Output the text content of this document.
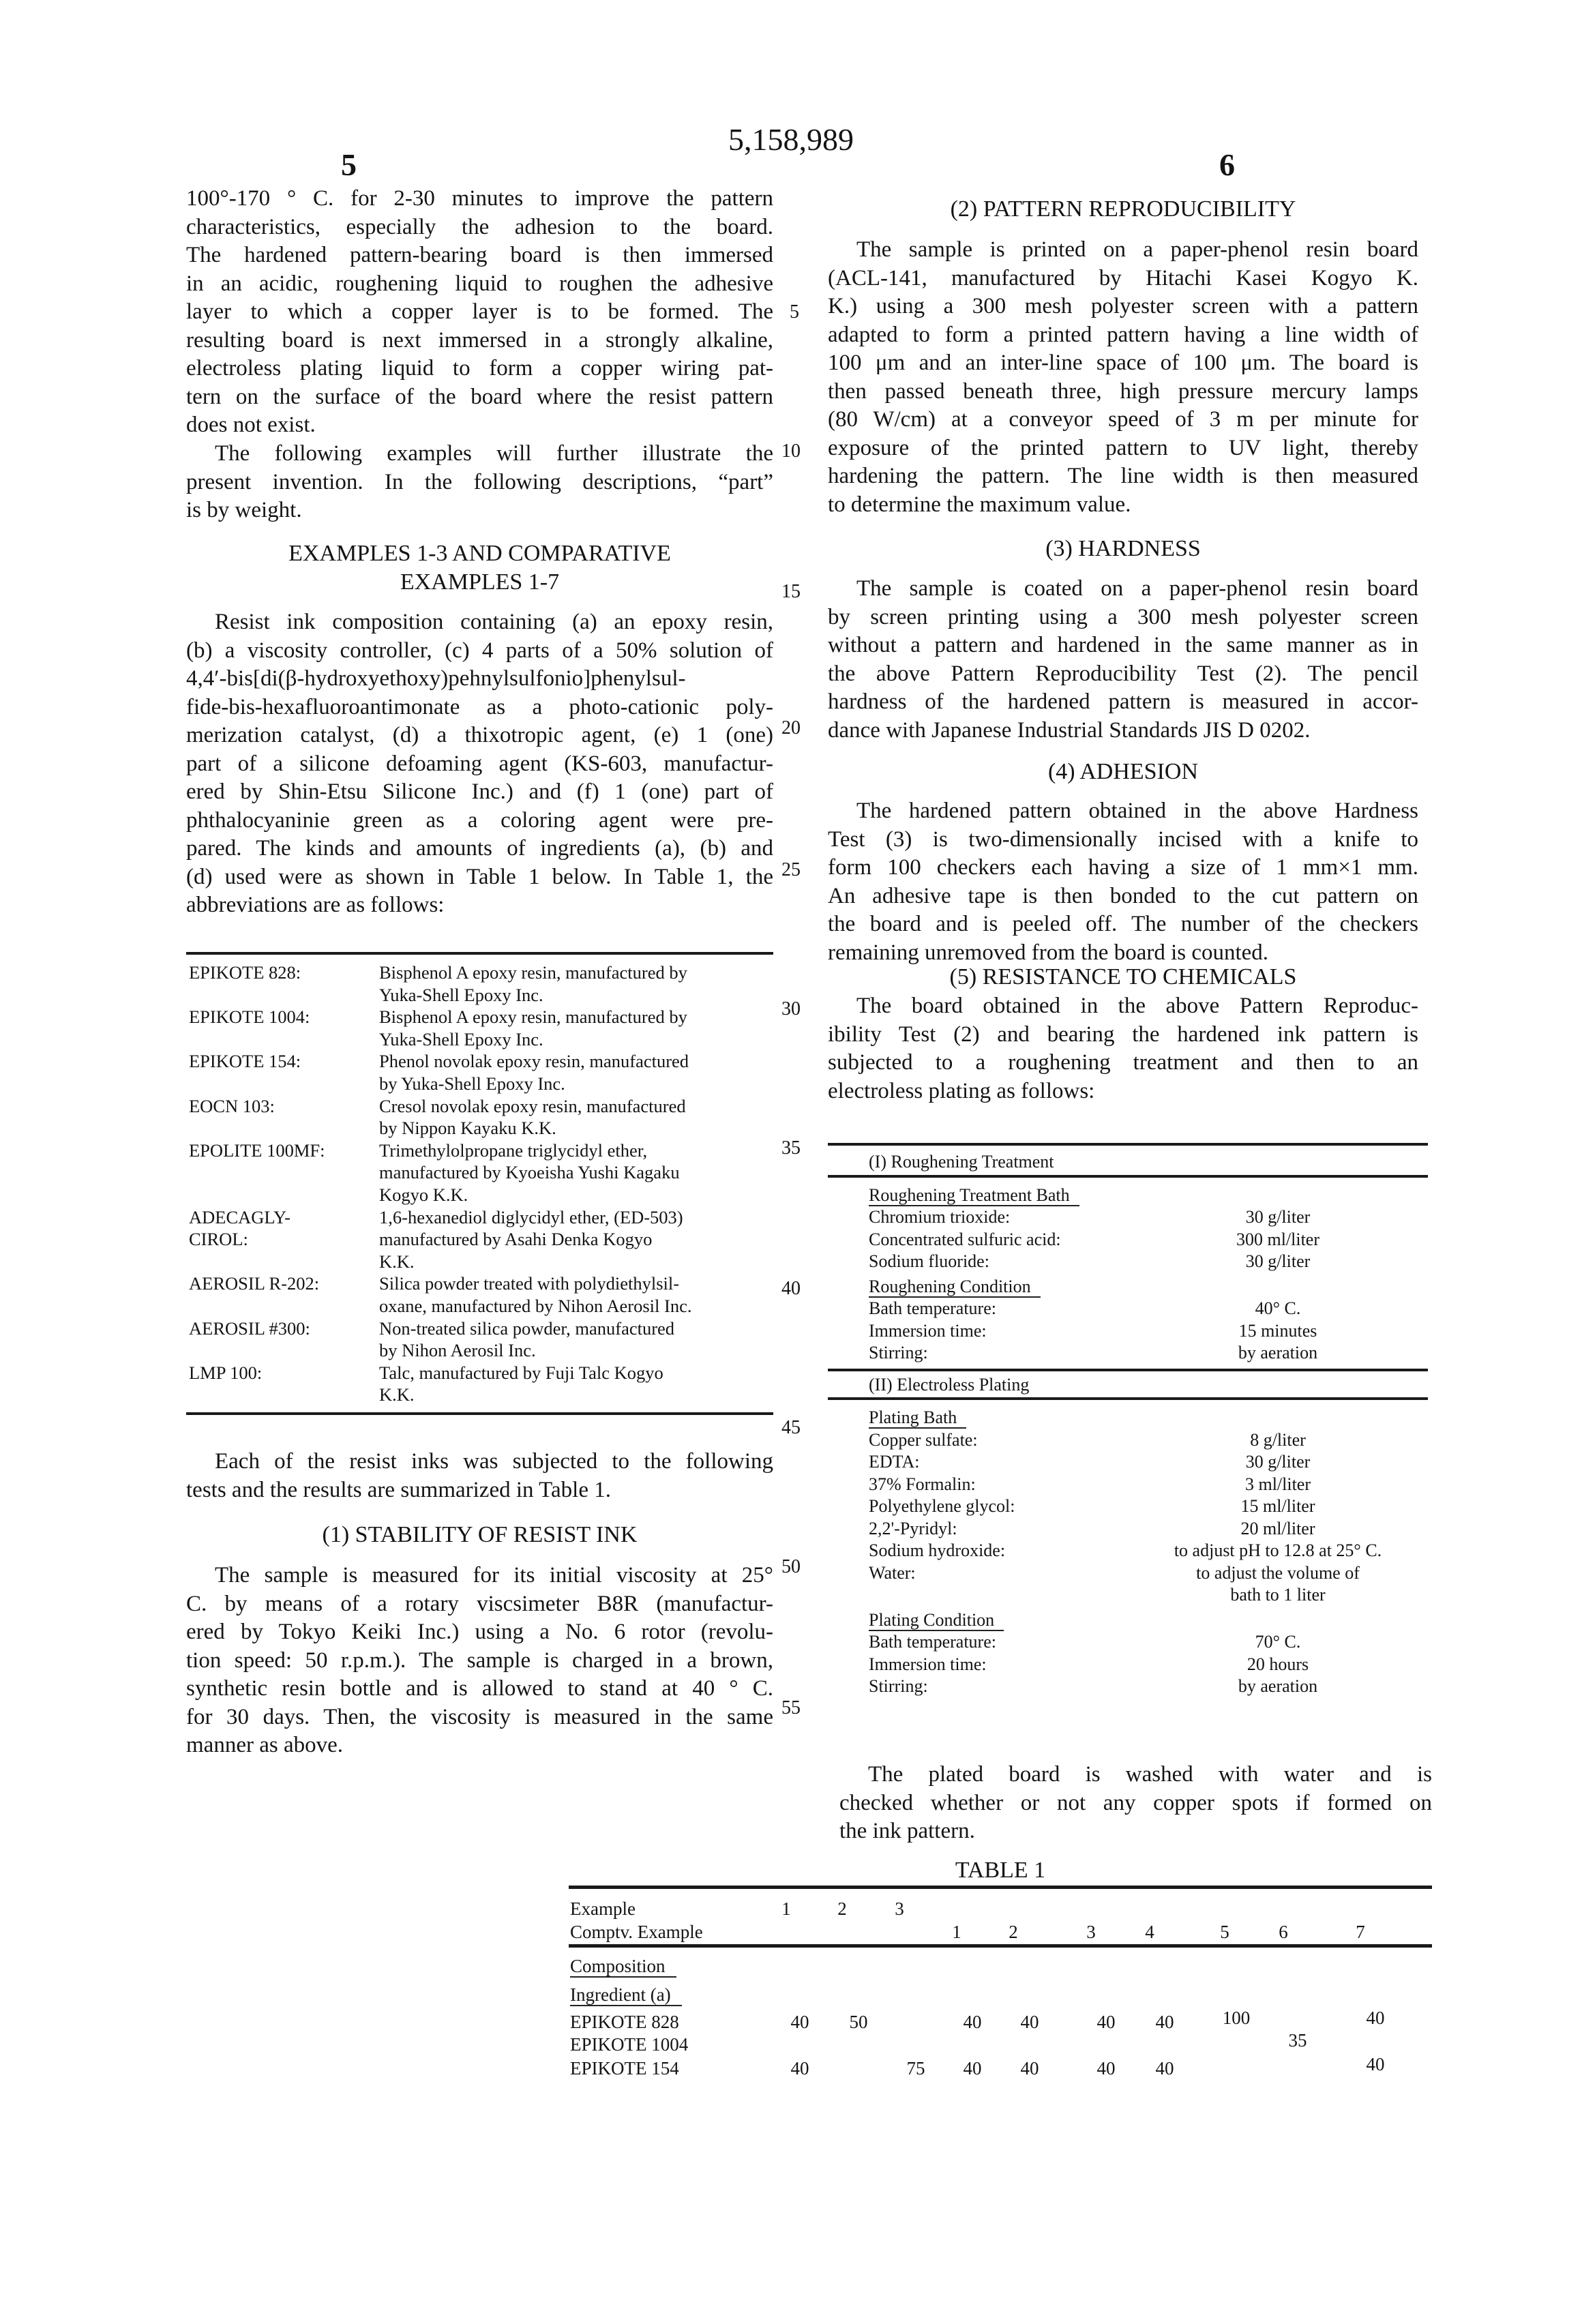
5,158,989
5	6
100°-170 ° C. for 2-30 minutes to improve the pattern
characteristics, especially the adhesion to the board.
The hardened pattern-bearing board is then immersed
in an acidic, roughening liquid to roughen the adhesive
layer to which a copper layer is to be formed. The
resulting board is next immersed in a strongly alkaline,
electroless plating liquid to form a copper wiring pat-
tern on the surface of the board where the resist pattern
does not exist.
The following examples will further illustrate the
present invention. In the following descriptions, “part”
is by weight.
EXAMPLES 1-3 AND COMPARATIVE
EXAMPLES 1-7
Resist ink composition containing (a) an epoxy resin,
(b) a viscosity controller, (c) 4 parts of a 50% solution of
4,4′-bis[di(β-hydroxyethoxy)pehnylsulfonio]phenylsul-
fide-bis-hexafluoroantimonate as a photo-cationic poly-
merization catalyst, (d) a thixotropic agent, (e) 1 (one)
part of a silicone defoaming agent (KS-603, manufactur-
ered by Shin-Etsu Silicone Inc.) and (f) 1 (one) part of
phthalocyaninie green as a coloring agent were pre-
pared. The kinds and amounts of ingredients (a), (b) and
(d) used were as shown in Table 1 below. In Table 1, the
abbreviations are as follows:
EPIKOTE 828:	Bisphenol A epoxy resin, manufactured by
Yuka-Shell Epoxy Inc.
EPIKOTE 1004:	Bisphenol A epoxy resin, manufactured by
Yuka-Shell Epoxy Inc.
EPIKOTE 154:	Phenol novolak epoxy resin, manufactured
by Yuka-Shell Epoxy Inc.
EOCN 103:	Cresol novolak epoxy resin, manufactured
by Nippon Kayaku K.K.
EPOLITE 100MF:	Trimethylolpropane triglycidyl ether,
manufactured by Kyoeisha Yushi Kagaku
Kogyo K.K.
ADECAGLY-
CIROL:
1,6-hexanediol diglycidyl ether, (ED-503)
manufactured by Asahi Denka Kogyo
K.K.
AEROSIL R-202:	Silica powder treated with polydiethylsil-
oxane, manufactured by Nihon Aerosil Inc.
AEROSIL #300:	Non-treated silica powder, manufactured
by Nihon Aerosil Inc.
LMP 100:	Talc, manufactured by Fuji Talc Kogyo
K.K.
Each of the resist inks was subjected to the following
tests and the results are summarized in Table 1.
(1) STABILITY OF RESIST INK
The sample is measured for its initial viscosity at 25°
C. by means of a rotary viscsimeter B8R (manufactur-
ered by Tokyo Keiki Inc.) using a No. 6 rotor (revolu-
tion speed: 50 r.p.m.). The sample is charged in a brown,
synthetic resin bottle and is allowed to stand at 40 ° C.
for 30 days. Then, the viscosity is measured in the same
manner as above.
5
10
15
20
25
30
35
40
45
50
55
(2) PATTERN REPRODUCIBILITY
The sample is printed on a paper-phenol resin board
(ACL-141, manufactured by Hitachi Kasei Kogyo K.
K.) using a 300 mesh polyester screen with a pattern
adapted to form a printed pattern having a line width of
100 μm and an inter-line space of 100 μm. The board is
then passed beneath three, high pressure mercury lamps
(80 W/cm) at a conveyor speed of 3 m per minute for
exposure of the printed pattern to UV light, thereby
hardening the pattern. The line width is then measured
to determine the maximum value.
(3) HARDNESS
The sample is coated on a paper-phenol resin board
by screen printing using a 300 mesh polyester screen
without a pattern and hardened in the same manner as in
the above Pattern Reproducibility Test (2). The pencil
hardness of the hardened pattern is measured in accor-
dance with Japanese Industrial Standards JIS D 0202.
(4) ADHESION
The hardened pattern obtained in the above Hardness
Test (3) is two-dimensionally incised with a knife to
form 100 checkers each having a size of 1 mm×1 mm.
An adhesive tape is then bonded to the cut pattern on
the board and is peeled off. The number of the checkers
remaining unremoved from the board is counted.
(5) RESISTANCE TO CHEMICALS
The board obtained in the above Pattern Reproduc-
ibility Test (2) and bearing the hardened ink pattern is
subjected to a roughening treatment and then to an
electroless plating as follows:
(I) Roughening Treatment
Roughening Treatment Bath
Chromium trioxide:	30 g/liter
Concentrated sulfuric acid:	300 ml/liter
Sodium fluoride:	30 g/liter
Roughening Condition
Bath temperature:	40° C.
Immersion time:	15 minutes
Stirring:	by aeration
(II) Electroless Plating
Plating Bath
Copper sulfate:	8 g/liter
EDTA:	30 g/liter
37% Formalin:	3 ml/liter
Polyethylene glycol:	15 ml/liter
2,2'-Pyridyl:	20 ml/liter
Sodium hydroxide:	to adjust pH to 12.8 at 25° C.
Water:	to adjust the volume of
bath to 1 liter
Plating Condition
Bath temperature:	70° C.
Immersion time:	20 hours
Stirring:	by aeration
The plated board is washed with water and is
checked whether or not any copper spots if formed on
the ink pattern.
TABLE 1
Example
Comptv. Example
1	2	3
1	2	3	4	5	6	7
Composition
Ingredient (a)
EPIKOTE 828	40 50	40 40	40 40	100	40
EPIKOTE 1004	35
EPIKOTE 154	40	75 40 40	40 40	40
